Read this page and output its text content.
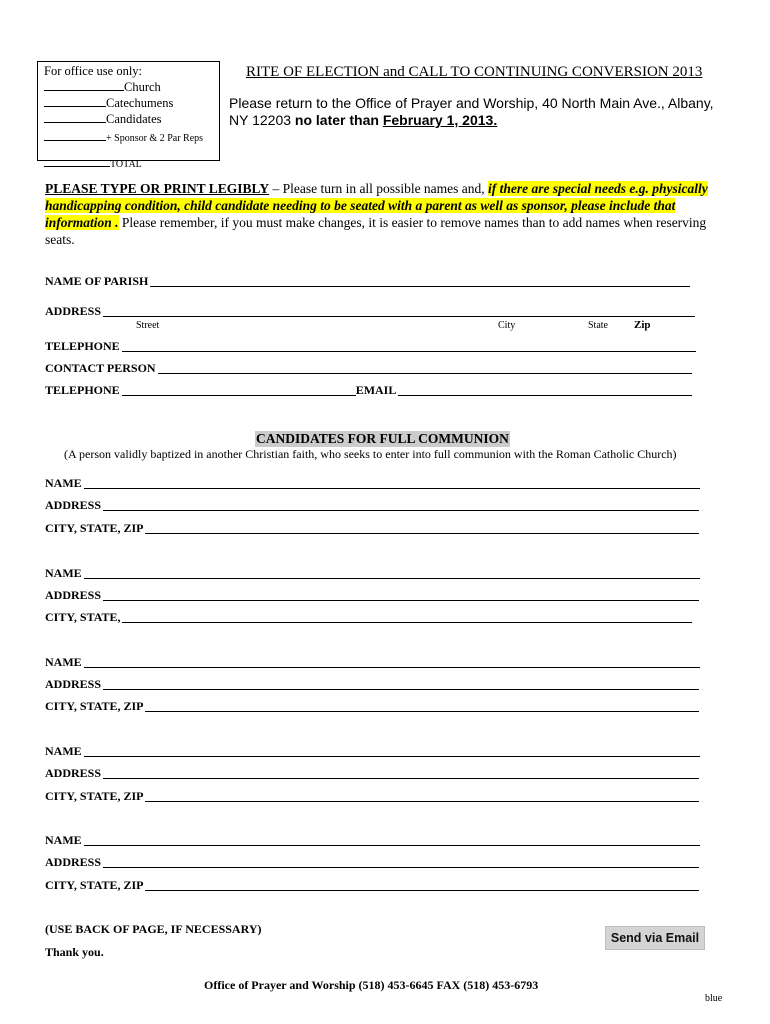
For office use only:
Church
Catechumens
Candidates
+ Sponsor & 2 Par Reps
TOTAL
RITE OF ELECTION and CALL TO CONTINUING CONVERSION 2013
Please return to the Office of Prayer and Worship, 40 North Main Ave., Albany, NY 12203 no later than February 1, 2013.
PLEASE TYPE OR PRINT LEGIBLY – Please turn in all possible names and, if there are special needs e.g. physically handicapping condition, child candidate needing to be seated with a parent as well as sponsor, please include that information . Please remember, if you must make changes, it is easier to remove names than to add names when reserving seats.
NAME OF PARISH
ADDRESS
Street	City	State Zip
TELEPHONE
CONTACT PERSON
TELEPHONE	EMAIL
CANDIDATES FOR FULL COMMUNION
(A person validly baptized in another Christian faith, who seeks to enter into full communion with the Roman Catholic Church)
NAME
ADDRESS
CITY, STATE, ZIP
NAME
ADDRESS
CITY, STATE,
NAME
ADDRESS
CITY, STATE, ZIP
NAME
ADDRESS
CITY, STATE, ZIP
NAME
ADDRESS
CITY, STATE, ZIP
(USE BACK OF PAGE, IF NECESSARY)
Thank you.
Send via Email
Office of Prayer and Worship (518) 453-6645 FAX (518) 453-6793
blue
